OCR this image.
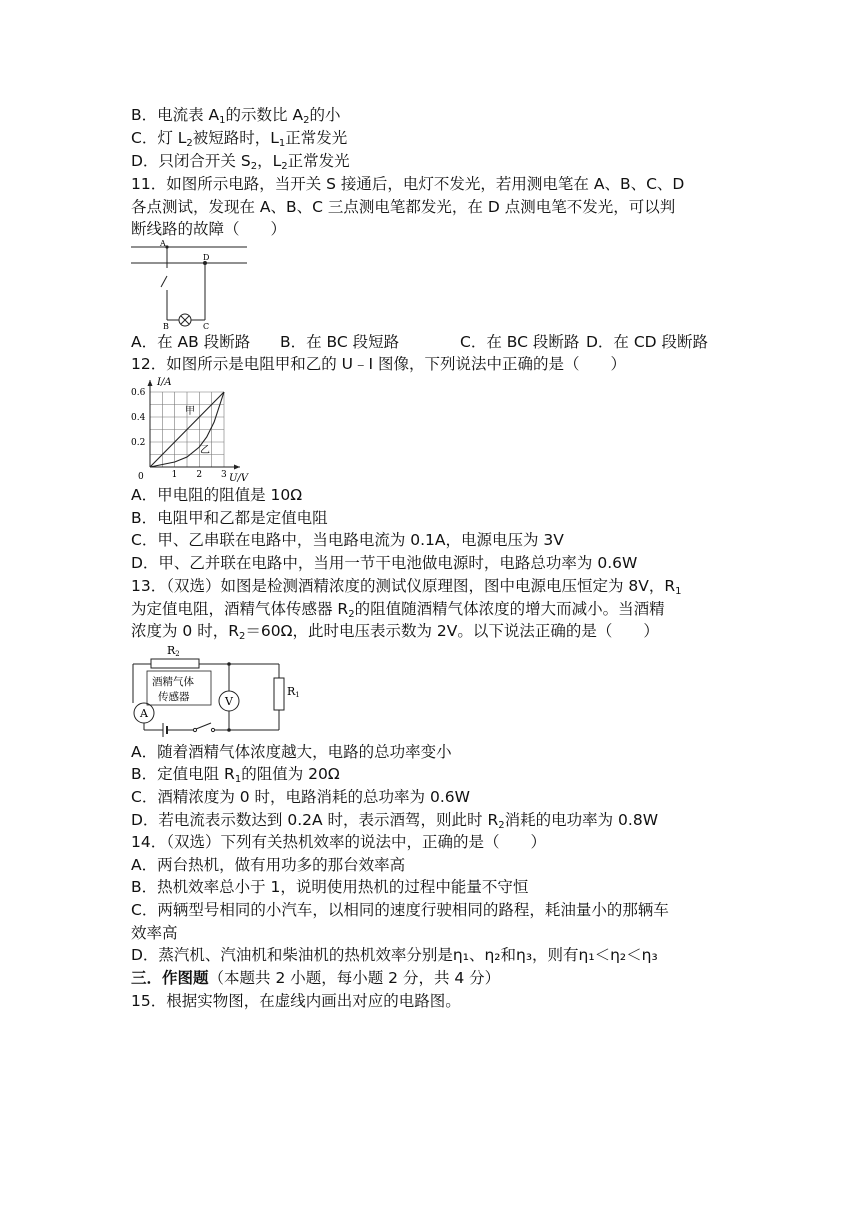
B．电流表 $A_1$的示数比 $A_2$的小
C．灯 $L_2$被短路时，$L_1$正常发光
D．只闭合开关 $S_2$，$L_2$正常发光
11．如图所示电路，当开关 S 接通后，电灯不发光，若用测电笔在 A、B、C、D
各点测试，发现在 A、B、C 三点测电笔都发光，在 D 点测电笔不发光，可以判
断线路的故障（　　）
A
D
B	C
A．在 AB 段断路 B．在 BC 段短路	C．在 BC 段断路 D．在 CD 段断路
12．如图所示是电阻甲和乙的 U﹣I 图像，下列说法中正确的是（　　）
0	1 2 3
0.2
0.4
0.6
I/A
U/V
甲
乙
A．甲电阻的阻值是 10Ω
B．电阻甲和乙都是定值电阻
C．甲、乙串联在电路中，当电路电流为 0.1A，电源电压为 3V
D．甲、乙并联在电路中，当用一节干电池做电源时，电路总功率为 0.6W
13．（双选）如图是检测酒精浓度的测试仪原理图，图中电源电压恒定为 8V，$R_1$
为定值电阻，酒精气体传感器 $R_2$的阻值随酒精气体浓度的增大而减小。当酒精
浓度为 0 时，$R_2=60\Omega$，此时电压表示数为 2V。以下说法正确的是（　　）
R2
酒精气体
传感器	V
A
R1
A．随着酒精气体浓度越大，电路的总功率变小
B．定值电阻 $R_1$的阻值为 20Ω
C．酒精浓度为 0 时，电路消耗的总功率为 0.6W
D．若电流表示数达到 0.2A 时，表示酒驾，则此时 $R_2$消耗的电功率为 0.8W
14．（双选）下列有关热机效率的说法中，正确的是（　　）
A．两台热机，做有用功多的那台效率高
B．热机效率总小于 1，说明使用热机的过程中能量不守恒
C．两辆型号相同的小汽车，以相同的速度行驶相同的路程，耗油量小的那辆车
效率高
D．蒸汽机、汽油机和柴油机的热机效率分别是η₁、η₂和η₃，则有η₁＜η₂＜η₃
三．作图题（本题共 2 小题，每小题 2 分，共 4 分）
15．根据实物图，在虚线内画出对应的电路图。
